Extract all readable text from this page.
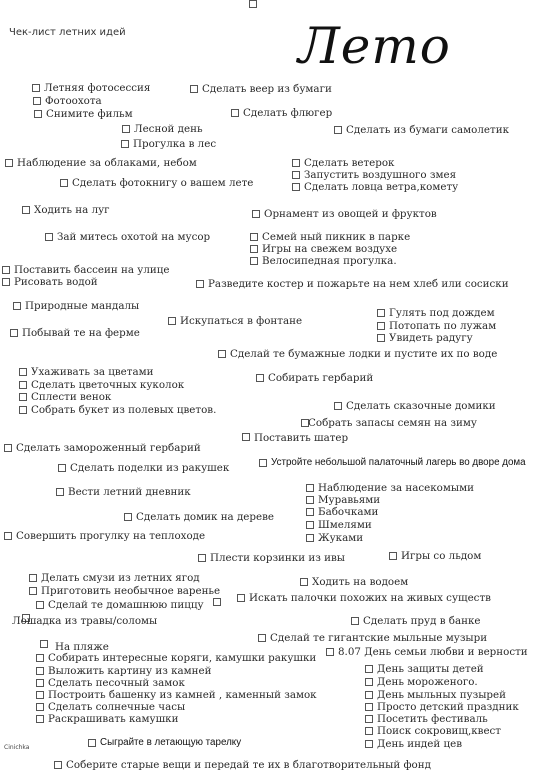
Чек-лист летних идей	Лето
Летняя фотосессия
Фотоохота
Снимите фильм
Сделать веер из бумаги
Лесной день
Сделать флюгер
Прогулка в лес
Сделать из бумаги самолетик
Наблюдение за облаками, небом	Сделать ветерок
Запустить воздушного змея
Сделать фотокнигу о вашем лете	Сделать ловца ветра,комету
Ходить на луг	Орнамент из овощей и фруктов
Зай митесь охотой на мусор	Семей ный пикник в парке
Игры на свежем воздухе
Велосипедная прогулка.
Поставить бассеин на улице
Рисовать водой	Разведите костер и пожарьте на нем хлеб или сосиски
Природные мандалы
Гулять под дождем
Искупаться в фонтане	Потопать по лужам
Побывай те на ферме	Увидеть радугу
Сделай те бумажные лодки и пустите их по воде
Ухаживать за цветами	Собирать гербарий
Сделать цветочных куколок
Сплести венок
Собрать букет из полевых цветов.	Сделать сказочные домики
Собрать запасы семян на зиму
Поставить шатер
Сделать замороженный гербарий
Сделать поделки из ракушек	Устройте небольшой палаточный лагерь во дворе дома
Вести летний дневник	Наблюдение за насекомыми
Муравьями
Бабочками
Сделать домик на дереве
Шмелями
Совершить прогулку на теплоходе	Жуками
Плести корзинки из ивы	Игры со льдом
Делать смузи из летних ягод	Ходить на водоем
Приготовить необычное варенье
Искать палочки похожих на живых существ
Сделай те домашнюю пиццу
Лошадка из травы/соломы	Сделать пруд в банке
Сделай те гигантские мыльные музыри
На пляже	8.07 День семьи любви и верности
Собирать интересные коряги, камушки ракушки
Выложить картину из камней	День защиты детей
Сделать песочный замок	День мороженого.
Построить башенку из камней , каменный замок	День мыльных пузырей
Сделать солнечные часы	Просто детский праздник
Раскрашивать камушки	Посетить фестиваль
Поиск сокровищ,квест
Сыграйте в летающую тарелку	День индей цев
Соберите старые вещи и передай те их в благотворительный фонд
Cinichka
